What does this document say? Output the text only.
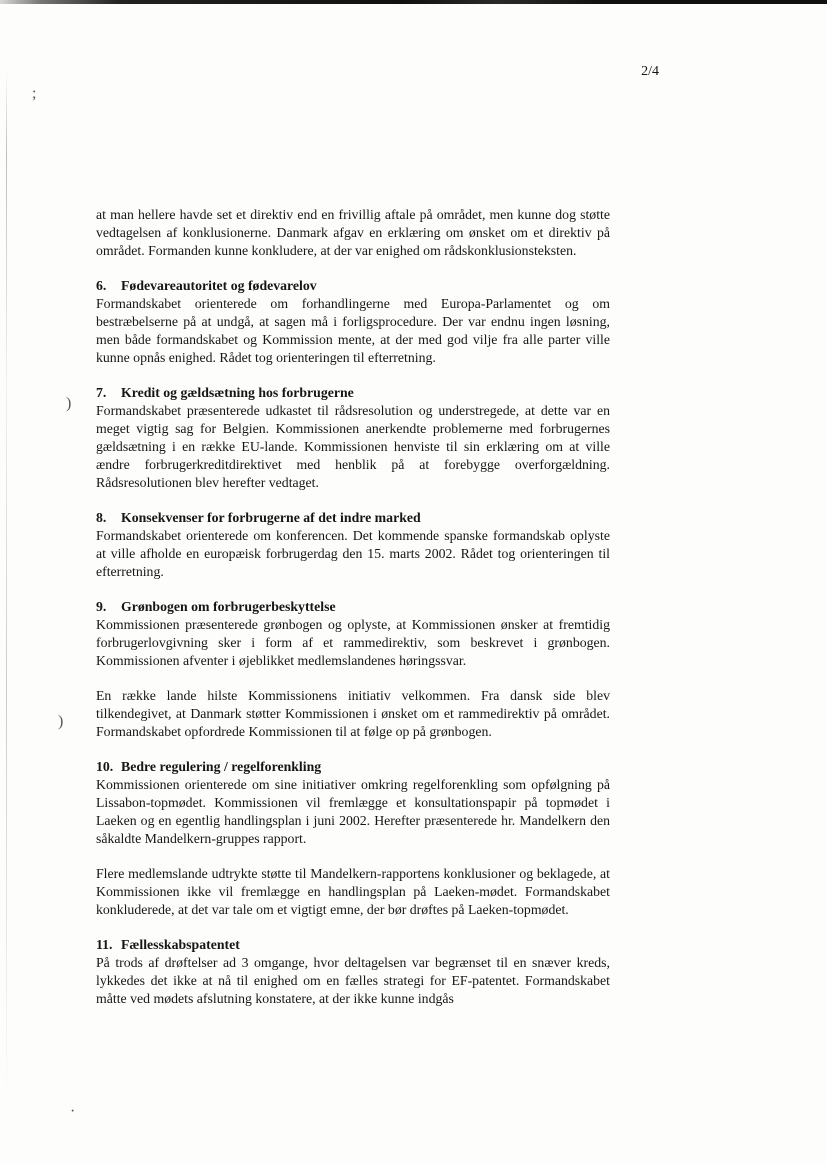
;
)
)
·
2/4

at man hellere havde set et direktiv end en frivillig aftale på området, men kunne dog støtte vedtagelsen af konklusionerne. Danmark afgav en erklæring om ønsket om et direktiv på området. Formanden kunne konkludere, at der var enighed om rådskonklusionsteksten.

6. Fødevareautoritet og fødevarelov

Formandskabet orienterede om forhandlingerne med Europa-Parlamentet og om bestræbelserne på at undgå, at sagen må i forligsprocedure. Der var endnu ingen løsning, men både formandskabet og Kommission mente, at der med god vilje fra alle parter ville kunne opnås enighed. Rådet tog orienteringen til efterretning.

7. Kredit og gældsætning hos forbrugerne

Formandskabet præsenterede udkastet til rådsresolution og understregede, at dette var en meget vigtig sag for Belgien. Kommissionen anerkendte problemerne med forbrugernes gældsætning i en række EU-lande. Kommissionen henviste til sin erklæring om at ville ændre forbrugerkreditdirektivet med henblik på at forebygge overforgældning. Rådsresolutionen blev herefter vedtaget.

8. Konsekvenser for forbrugerne af det indre marked

Formandskabet orienterede om konferencen. Det kommende spanske formandskab oplyste at ville afholde en europæisk forbrugerdag den 15. marts 2002. Rådet tog orienteringen til efterretning.

9. Grønbogen om forbrugerbeskyttelse

Kommissionen præsenterede grønbogen og oplyste, at Kommissionen ønsker at fremtidig forbrugerlovgivning sker i form af et rammedirektiv, som beskrevet i grønbogen. Kommissionen afventer i øjeblikket medlemslandenes høringssvar.

En række lande hilste Kommissionens initiativ velkommen. Fra dansk side blev tilkendegivet, at Danmark støtter Kommissionen i ønsket om et rammedirektiv på området. Formandskabet opfordrede Kommissionen til at følge op på grønbogen.

10. Bedre regulering / regelforenkling

Kommissionen orienterede om sine initiativer omkring regelforenkling som opfølgning på Lissabon-topmødet. Kommissionen vil fremlægge et konsultationspapir på topmødet i Laeken og en egentlig handlingsplan i juni 2002. Herefter præsenterede hr. Mandelkern den såkaldte Mandelkern-gruppes rapport.

Flere medlemslande udtrykte støtte til Mandelkern-rapportens konklusioner og beklagede, at Kommissionen ikke vil fremlægge en handlingsplan på Laeken-mødet. Formandskabet konkluderede, at det var tale om et vigtigt emne, der bør drøftes på Laeken-topmødet.

11. Fællesskabspatentet

På trods af drøftelser ad 3 omgange, hvor deltagelsen var begrænset til en snæver kreds, lykkedes det ikke at nå til enighed om en fælles strategi for EF-patentet. Formandskabet måtte ved mødets afslutning konstatere, at der ikke kunne indgås
